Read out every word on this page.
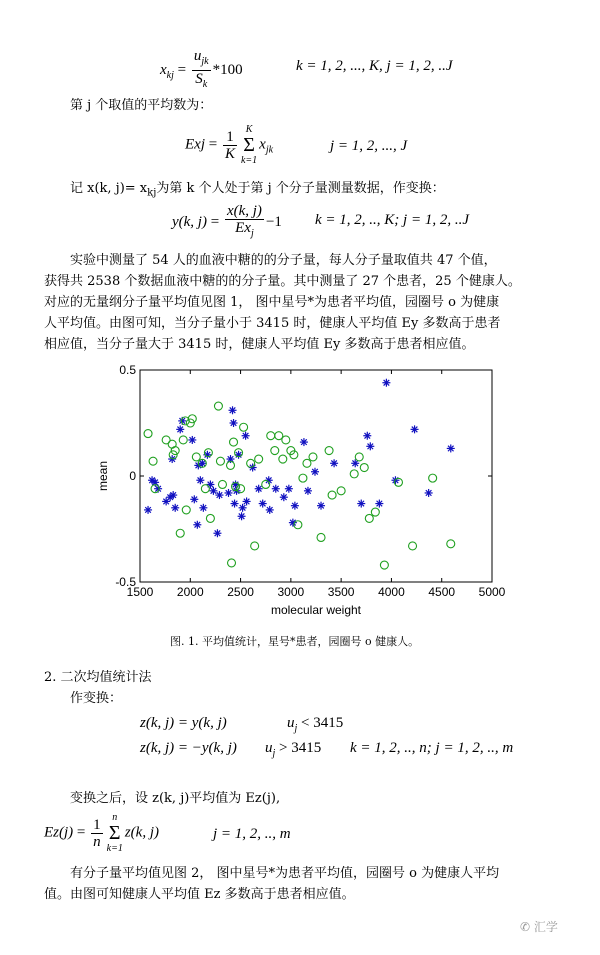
$x_{kj} = \frac{u_{jk}}{S_k} *100$	k = 1, 2, ..., K, j = 1, 2, ..J
第 j 个取值的平均数为：
Exj = $\frac{1}{K}$ K
Σ
$k=1x_{jk}$	j = 1, 2, ..., J
记 x(k, $j)= x_{kj}$为第 k 个人处于第 j 个分子量测量数据，作变换：
y(k, $j) = \frac{x(k, j)}{Ex_j} -1$ k = 1, 2, .., K; j = 1, 2, ..J
实验中测量了 54 人的血液中糖的的分子量，每人分子量取值共 47 个值，
获得共 2538 个数据血液中糖的的分子量。其中测量了 27 个患者，25 个健康人。
对应的无量纲分子量平均值见图 1， 图中星号*为患者平均值，园圈号 o 为健康
人平均值。由图可知，当分子量小于 3415 时，健康人平均值 Ey 多数高于患者
相应值，当分子量大于 3415 时，健康人平均值 Ey 多数高于患者相应值。
1500 2000 2500 3000 3500 4000 4500 5000
-0.5
0
0.5
mean
molecular weight
图. 1. 平均值统计，星号*患者，园圈号 o 健康人。
2. 二次均值统计法
作变换：
z(k, j) = y(k, j)	$u_j < 3415$
z(k, j) = −y(k, j) $u_j > 3415$ k = 1, 2, .., n; j = 1, 2, .., m
变换之后，设 z(k, j)平均值为 Ez(j),
$Ez(j) = \frac{1}{n}$ n
Σ
k=1z(k, j)	j = 1, 2, .., m
有分子量平均值见图 2， 图中星号*为患者平均值，园圈号 o 为健康人平均
值。由图可知健康人平均值 Ez 多数高于患者相应值。
✆ 汇学
